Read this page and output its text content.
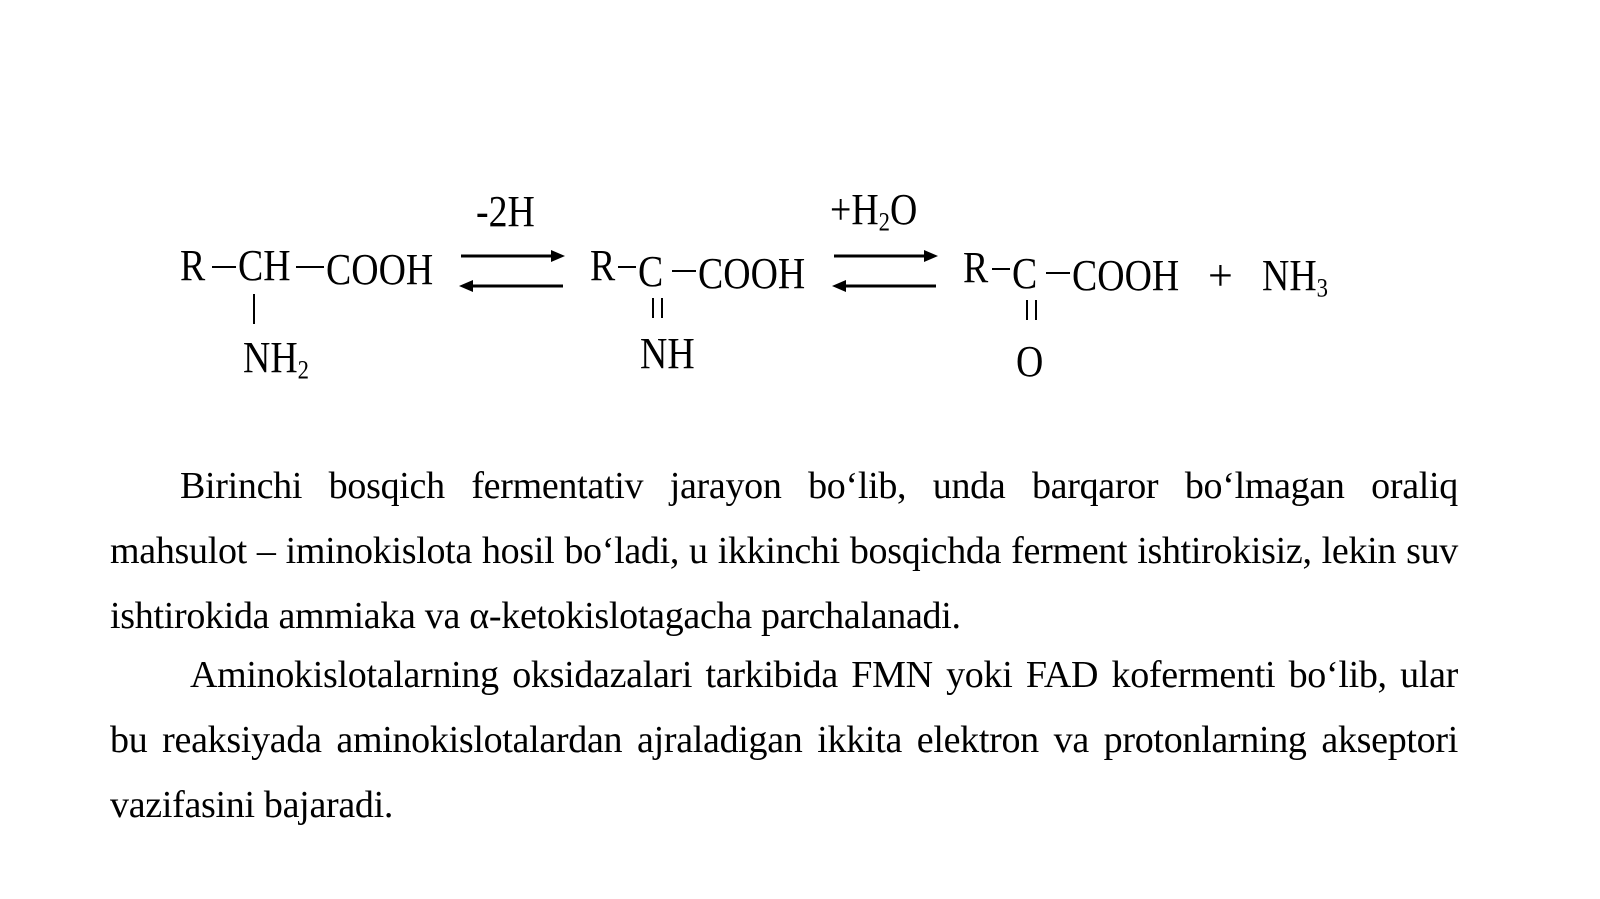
R CH COOH
$NH_2$
-2H
R C COOH
NH
$+H_2O$
R C COOH
O
+ $NH_3$
Birinchi bosqich fermentativ jarayon bo‘lib, unda barqaror bo‘lmagan oraliq
mahsulot – iminokislota hosil bo‘ladi, u ikkinchi bosqichda ferment ishtirokisiz, lekin suv
ishtirokida ammiaka va α-ketokislotagacha parchalanadi.
Aminokislotalarning oksidazalari tarkibida FMN yoki FAD kofermenti bo‘lib, ular
bu reaksiyada aminokislotalardan ajraladigan ikkita elektron va protonlarning akseptori
vazifasini bajaradi.
